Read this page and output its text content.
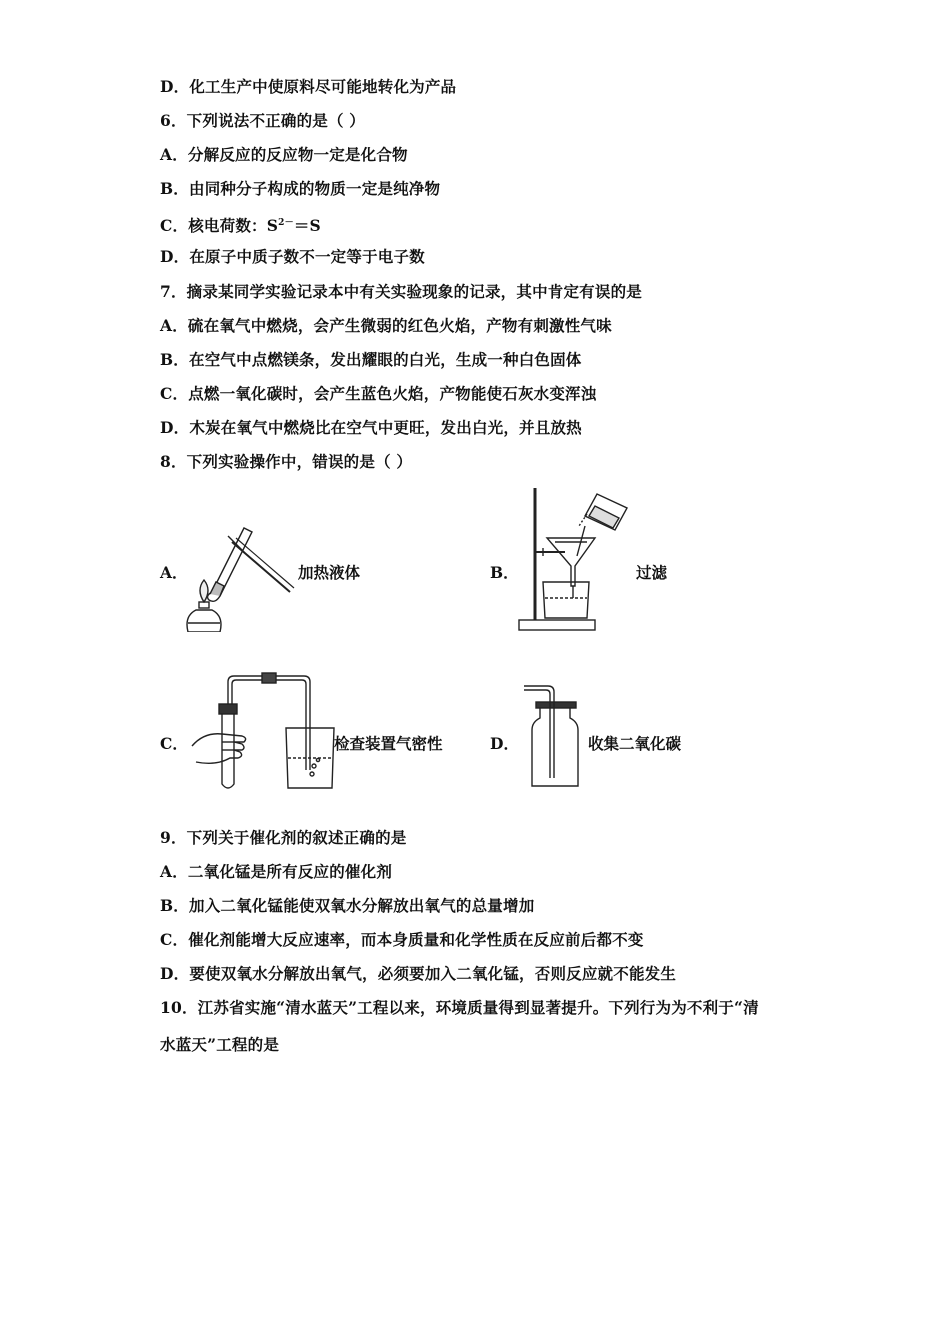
D．化工生产中使原料尽可能地转化为产品
6．下列说法不正确的是（ ）
A．分解反应的反应物一定是化合物
B．由同种分子构成的物质一定是纯净物
C．核电荷数：$S^{2-}=S$
D．在原子中质子数不一定等于电子数
7．摘录某同学实验记录本中有关实验现象的记录，其中肯定有误的是
A．硫在氧气中燃烧，会产生微弱的红色火焰，产物有刺激性气味
B．在空气中点燃镁条，发出耀眼的白光，生成一种白色固体
C．点燃一氧化碳时，会产生蓝色火焰，产物能使石灰水变浑浊
D．木炭在氧气中燃烧比在空气中更旺，发出白光，并且放热
8．下列实验操作中，错误的是（ ）
A．	加热液体	B．	过滤
C．	检查装置气密性	D．	收集二氧化碳
9．下列关于催化剂的叙述正确的是
A．二氧化锰是所有反应的催化剂
B．加入二氧化锰能使双氧水分解放出氧气的总量增加
C．催化剂能增大反应速率，而本身质量和化学性质在反应前后都不变
D．要使双氧水分解放出氧气，必须要加入二氧化锰，否则反应就不能发生
10．江苏省实施“清水蓝天”工程以来，环境质量得到显著提升。下列行为为不利于“清
水蓝天”工程的是
